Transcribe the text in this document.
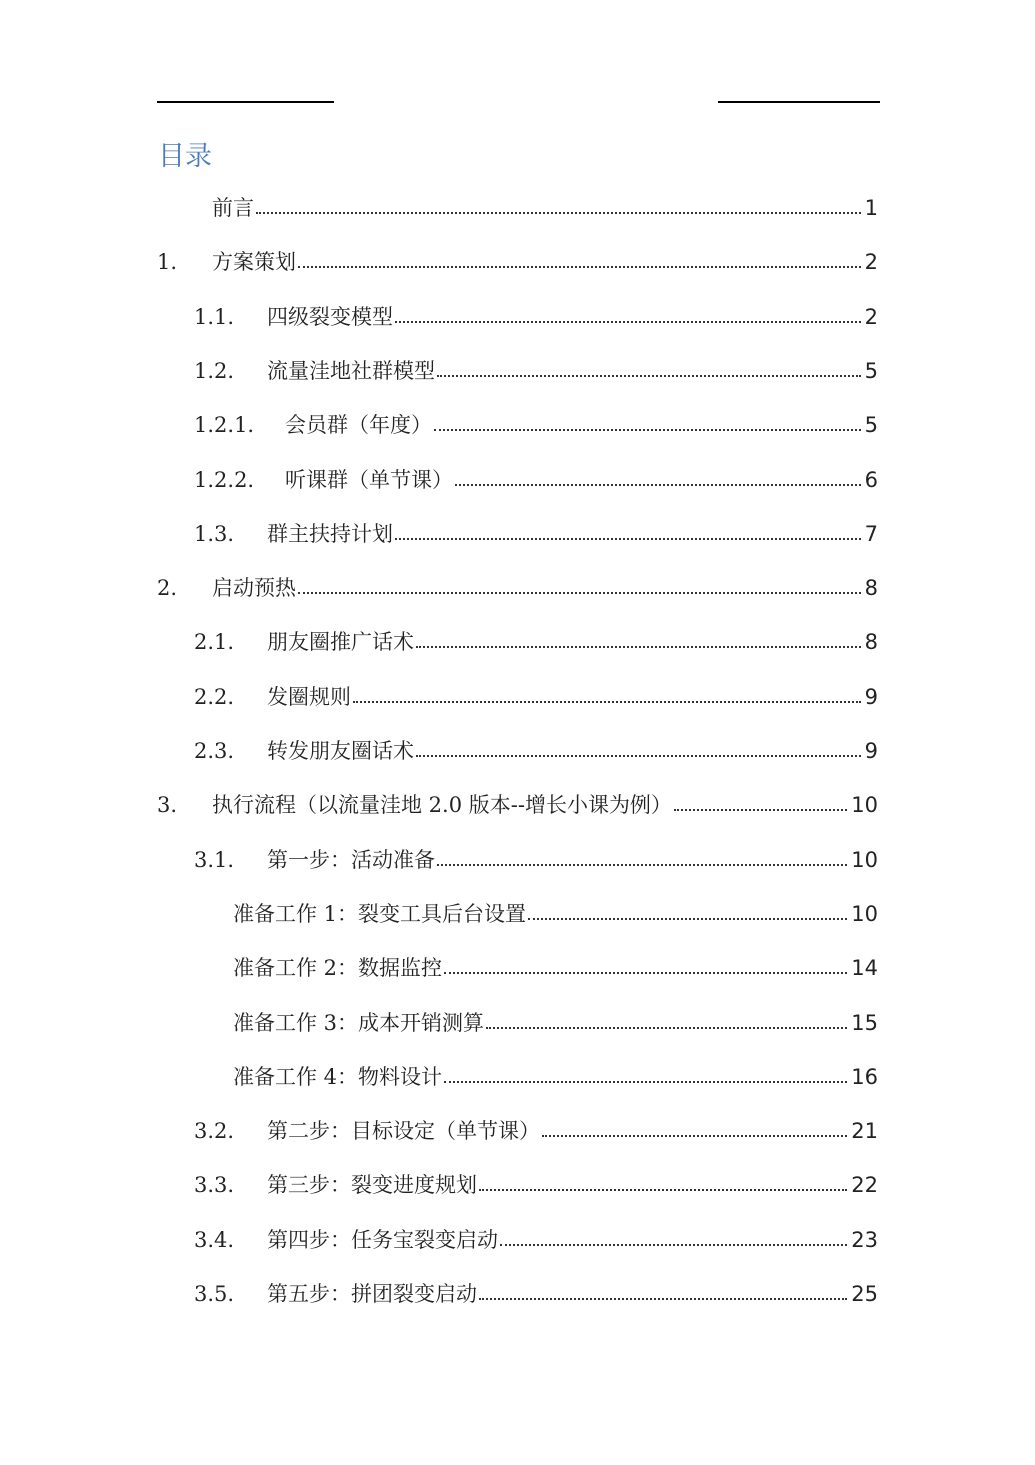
目录
前言	1
1.	方案策划	2
1.1.	四级裂变模型	2
1.2.	流量洼地社群模型	5
1.2.1.	会员群（年度）	5
1.2.2.	听课群（单节课）	6
1.3.	群主扶持计划	7
2.	启动预热	8
2.1.	朋友圈推广话术	8
2.2.	发圈规则	9
2.3.	转发朋友圈话术	9
3.	执行流程（以流量洼地 2.0 版本--增长小课为例）	10
3.1.	第一步：活动准备	10
准备工作 1：裂变工具后台设置	10
准备工作 2：数据监控	14
准备工作 3：成本开销测算	15
准备工作 4：物料设计	16
3.2.	第二步：目标设定（单节课）	21
3.3.	第三步：裂变进度规划	22
3.4.	第四步：任务宝裂变启动	23
3.5.	第五步：拼团裂变启动	25
